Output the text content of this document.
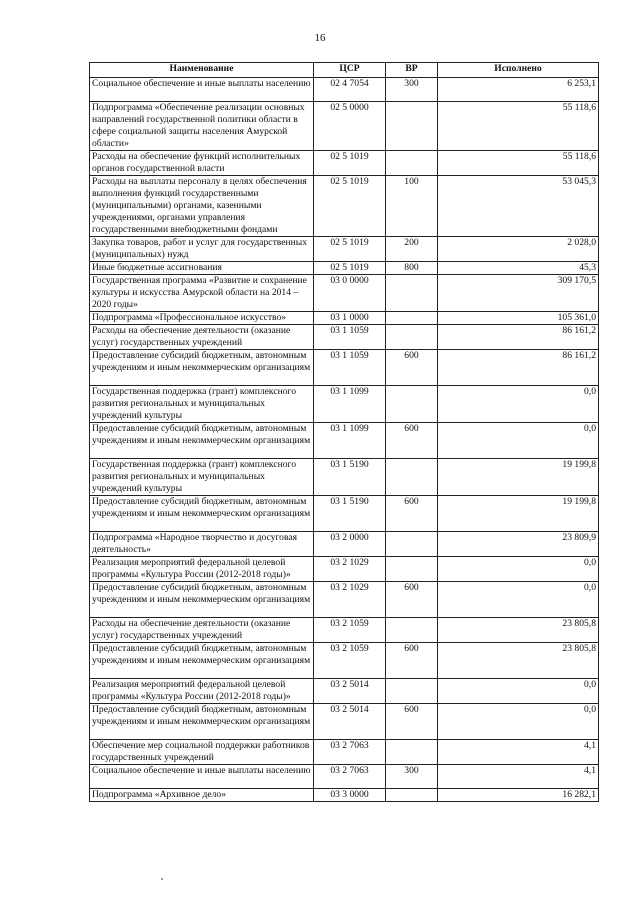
16
Наименование	ЦСР	ВР	Исполнено
Социальное обеспечение и иные выплаты населению	02 4 7054	300	6 253,1
Подпрограмма «Обеспечение реализации основных направлений государственной политики области в сфере социальной защиты населения Амурской области»	02 5 0000		55 118,6
Расходы на обеспечение функций исполнительных органов государственной власти	02 5 1019		55 118,6
Расходы на выплаты персоналу в целях обеспечения выполнения функций государственными (муниципальными) органами, казенными учреждениями, органами управления государственными внебюджетными фондами	02 5 1019	100	53 045,3
Закупка товаров, работ и услуг для государственных (муниципальных) нужд	02 5 1019	200	2 028,0
Иные бюджетные ассигнования	02 5 1019	800	45,3
Государственная программа «Развитие и сохранение культуры и искусства Амурской области на 2014 – 2020 годы»	03 0 0000		309 170,5
Подпрограмма «Профессиональное искусство»	03 1 0000		105 361,0
Расходы на обеспечение деятельности (оказание услуг) государственных учреждений	03 1 1059		86 161,2
Предоставление субсидий бюджетным, автономным учреждениям и иным некоммерческим организациям	03 1 1059	600	86 161,2
Государственная поддержка (грант) комплексного развития региональных и муниципальных учреждений культуры	03 1 1099		0,0
Предоставление субсидий бюджетным, автономным учреждениям и иным некоммерческим организациям	03 1 1099	600	0,0
Государственная поддержка (грант) комплексного развития региональных и муниципальных учреждений культуры	03 1 5190		19 199,8
Предоставление субсидий бюджетным, автономным учреждениям и иным некоммерческим организациям	03 1 5190	600	19 199,8
Подпрограмма «Народное творчество и досуговая деятельность»	03 2 0000		23 809,9
Реализация мероприятий федеральной целевой программы «Культура России (2012-2018 годы)»	03 2 1029		0,0
Предоставление субсидий бюджетным, автономным учреждениям и иным некоммерческим организациям	03 2 1029	600	0,0
Расходы на обеспечение деятельности (оказание услуг) государственных учреждений	03 2 1059		23 805,8
Предоставление субсидий бюджетным, автономным учреждениям и иным некоммерческим организациям	03 2 1059	600	23 805,8
Реализация мероприятий федеральной целевой программы «Культура России (2012-2018 годы)»	03 2 5014		0,0
Предоставление субсидий бюджетным, автономным учреждениям и иным некоммерческим организациям	03 2 5014	600	0,0
Обеспечение мер социальной поддержки работников государственных учреждений	03 2 7063		4,1
Социальное обеспечение и иные выплаты населению	03 2 7063	300	4,1
Подпрограмма «Архивное дело»	03 3 0000		16 282,1
